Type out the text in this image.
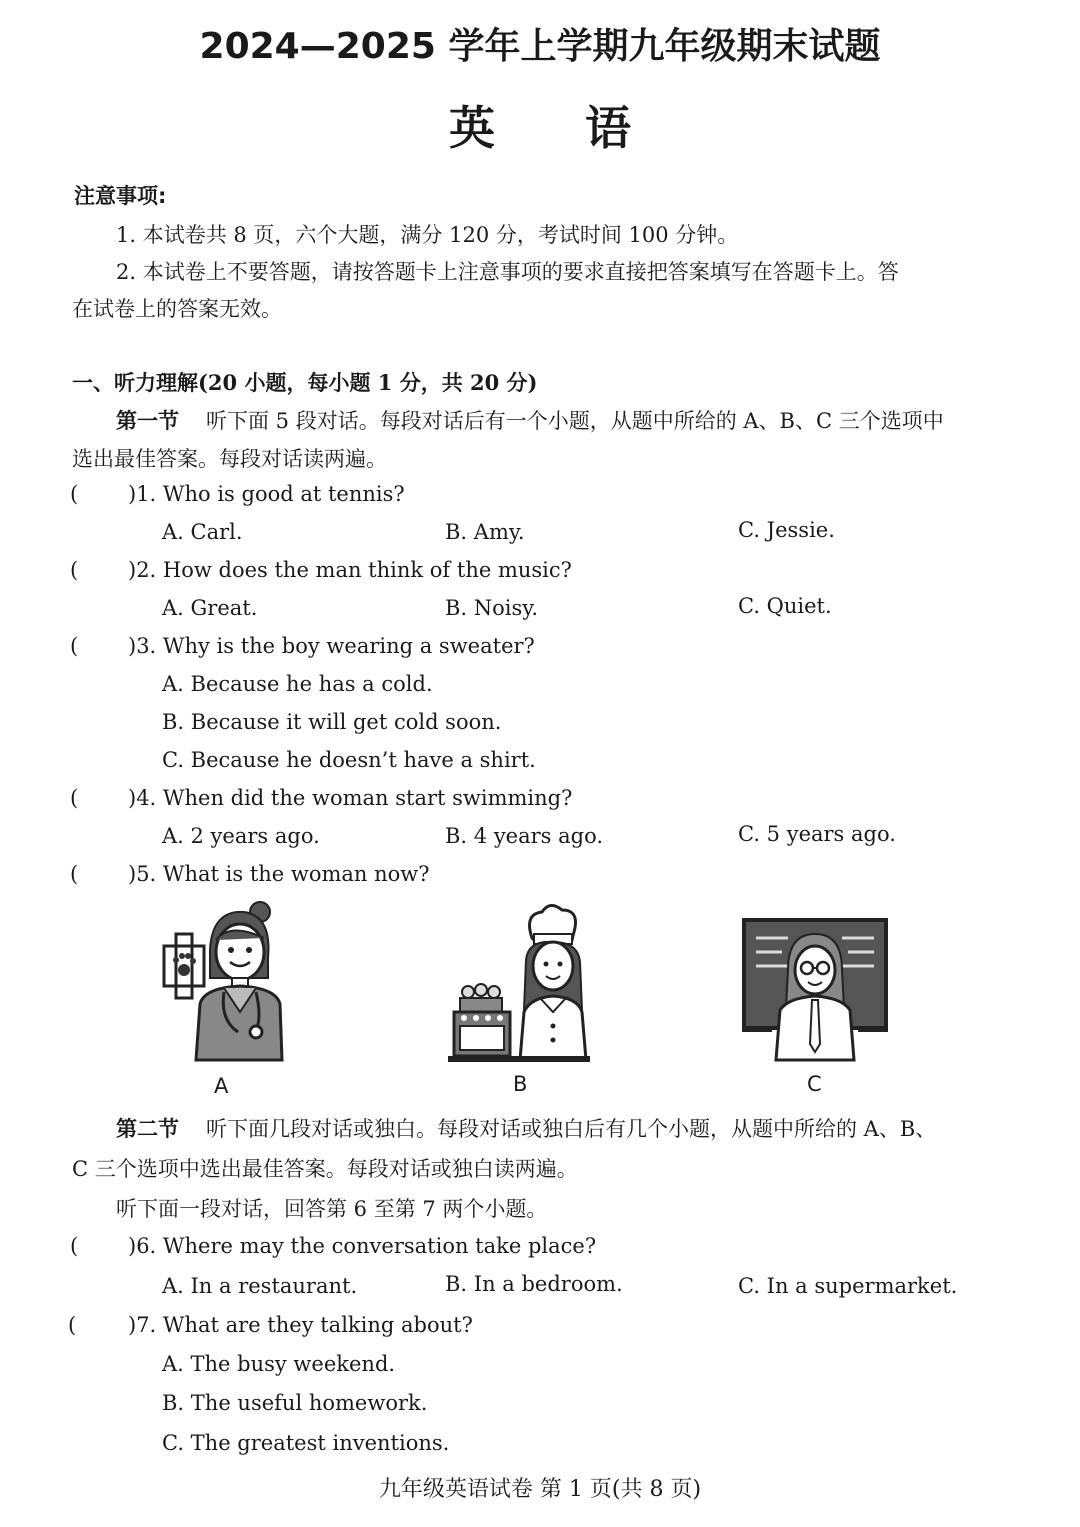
2024—2025 学年上学期九年级期末试题
英语
注意事项:
1. 本试卷共 8 页，六个大题，满分 120 分，考试时间 100 分钟。
2. 本试卷上不要答题，请按答题卡上注意事项的要求直接把答案填写在答题卡上。答
在试卷上的答案无效。
一、听力理解(20 小题，每小题 1 分，共 20 分)
第一节 听下面 5 段对话。每段对话后有一个小题，从题中所给的 A、B、C 三个选项中
选出最佳答案。每段对话读两遍。
( )1. Who is good at tennis?
A. Carl.	B. Amy.	C. Jessie.
( )2. How does the man think of the music?
A. Great.	B. Noisy.	C. Quiet.
( )3. Why is the boy wearing a sweater?
A. Because he has a cold.
B. Because it will get cold soon.
C. Because he doesn’t have a shirt.
( )4. When did the woman start swimming?
A. 2 years ago.	B. 4 years ago.	C. 5 years ago.
( )5. What is the woman now?
A	B	C
第二节 听下面几段对话或独白。每段对话或独白后有几个小题，从题中所给的 A、B、
C 三个选项中选出最佳答案。每段对话或独白读两遍。
听下面一段对话，回答第 6 至第 7 两个小题。
( )6. Where may the conversation take place?
A. In a restaurant.	B. In a bedroom.	C. In a supermarket.
( )7. What are they talking about?
A. The busy weekend.
B. The useful homework.
C. The greatest inventions.
九年级英语试卷 第 1 页(共 8 页)
